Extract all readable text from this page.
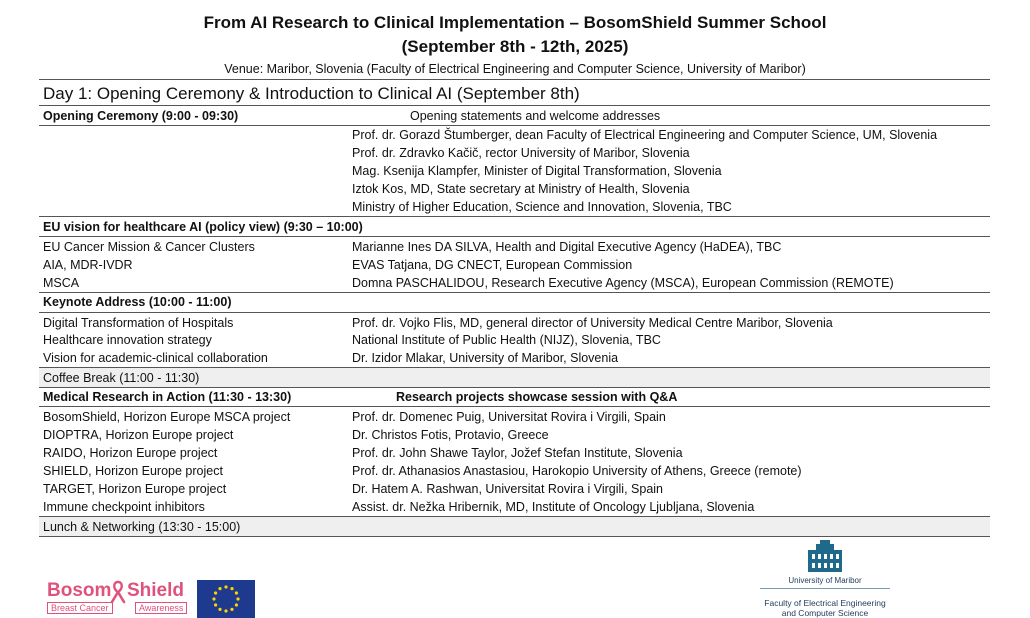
From AI Research to Clinical Implementation – BosomShield Summer School
(September 8th - 12th, 2025)
Venue: Maribor, Slovenia (Faculty of Electrical Engineering and Computer Science, University of Maribor)
Day 1: Opening Ceremony & Introduction to Clinical AI (September 8th)
Opening Ceremony (9:00 - 09:30)	Opening statements and welcome addresses
Prof. dr. Gorazd Štumberger, dean Faculty of Electrical Engineering and Computer Science, UM, Slovenia
Prof. dr. Zdravko Kačič, rector University of Maribor, Slovenia
Mag. Ksenija Klampfer, Minister of Digital Transformation, Slovenia
Iztok Kos, MD, State secretary at Ministry of Health, Slovenia
Ministry of Higher Education, Science and Innovation, Slovenia, TBC
EU vision for healthcare AI (policy view) (9:30 – 10:00)
EU Cancer Mission & Cancer Clusters	Marianne Ines DA SILVA, Health and Digital Executive Agency (HaDEA), TBC
AIA, MDR-IVDR	EVAS Tatjana, DG CNECT, European Commission
MSCA	Domna PASCHALIDOU, Research Executive Agency (MSCA), European Commission (REMOTE)
Keynote Address (10:00 - 11:00)
Digital Transformation of Hospitals	Prof. dr. Vojko Flis, MD, general director of University Medical Centre Maribor, Slovenia
Healthcare innovation strategy	National Institute of Public Health (NIJZ), Slovenia, TBC
Vision for academic-clinical collaboration	Dr. Izidor Mlakar, University of Maribor, Slovenia
Coffee Break (11:00 - 11:30)
Medical Research in Action (11:30 - 13:30)	Research projects showcase session with Q&A
BosomShield, Horizon Europe MSCA project	Prof. dr. Domenec Puig, Universitat Rovira i Virgili, Spain
DIOPTRA, Horizon Europe project	Dr. Christos Fotis, Protavio, Greece
RAIDO, Horizon Europe project	Prof. dr. John Shawe Taylor, Jožef Stefan Institute, Slovenia
SHIELD, Horizon Europe project	Prof. dr. Athanasios Anastasiou, Harokopio University of Athens, Greece (remote)
TARGET, Horizon Europe project	Dr. Hatem A. Rashwan, Universitat Rovira i Virgili, Spain
Immune checkpoint inhibitors	Assist. dr. Nežka Hribernik, MD, Institute of Oncology Ljubljana, Slovenia
Lunch & Networking (13:30 - 15:00)
Bosom Shield
Breast Cancer	Awareness
University of Maribor
Faculty of Electrical Engineering
and Computer Science
